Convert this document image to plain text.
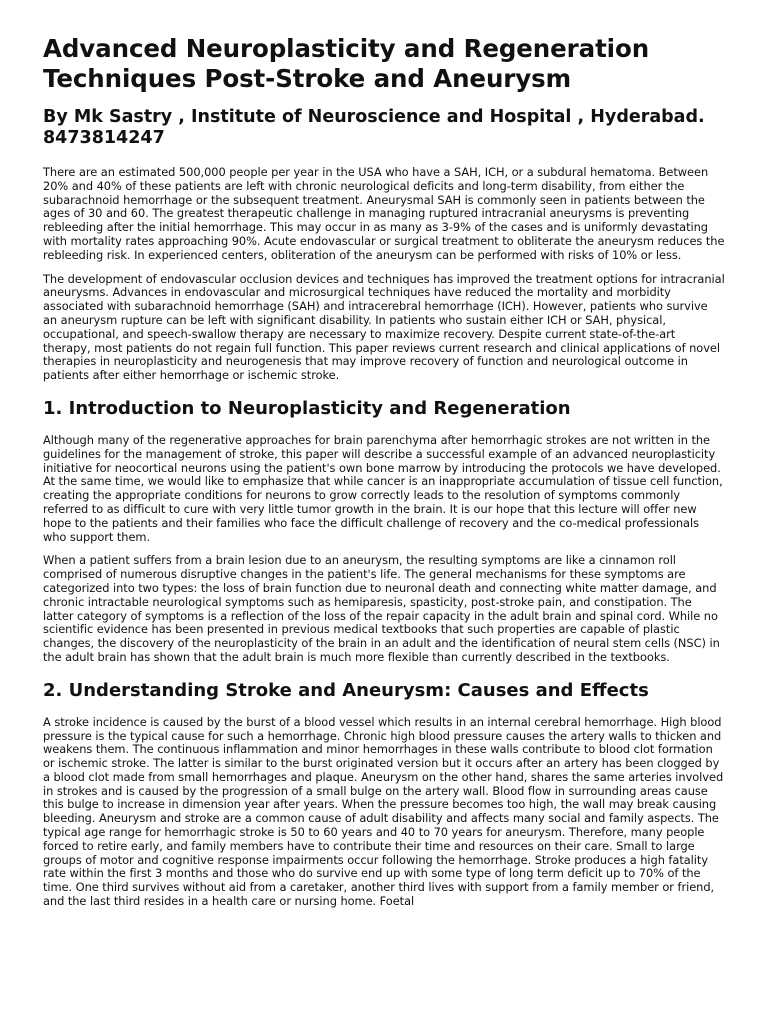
Advanced Neuroplasticity and Regeneration Techniques Post-Stroke and Aneurysm
By Mk Sastry , Institute of Neuroscience and Hospital , Hyderabad. 8473814247

There are an estimated 500,000 people per year in the USA who have a SAH, ICH, or a subdural hematoma. Between 20% and 40% of these patients are left with chronic neurological deficits and long-term disability, from either the subarachnoid hemorrhage or the subsequent treatment. Aneurysmal SAH is commonly seen in patients between the ages of 30 and 60. The greatest therapeutic challenge in managing ruptured intracranial aneurysms is preventing rebleeding after the initial hemorrhage. This may occur in as many as 3-9% of the cases and is uniformly devastating with mortality rates approaching 90%. Acute endovascular or surgical treatment to obliterate the aneurysm reduces the rebleeding risk. In experienced centers, obliteration of the aneurysm can be performed with risks of 10% or less.

The development of endovascular occlusion devices and techniques has improved the treatment options for intracranial aneurysms. Advances in endovascular and microsurgical techniques have reduced the mortality and morbidity associated with subarachnoid hemorrhage (SAH) and intracerebral hemorrhage (ICH). However, patients who survive an aneurysm rupture can be left with significant disability. In patients who sustain either ICH or SAH, physical, occupational, and speech-swallow therapy are necessary to maximize recovery. Despite current state-of-the-art therapy, most patients do not regain full function. This paper reviews current research and clinical applications of novel therapies in neuroplasticity and neurogenesis that may improve recovery of function and neurological outcome in patients after either hemorrhage or ischemic stroke.

1. Introduction to Neuroplasticity and Regeneration

Although many of the regenerative approaches for brain parenchyma after hemorrhagic strokes are not written in the guidelines for the management of stroke, this paper will describe a successful example of an advanced neuroplasticity initiative for neocortical neurons using the patient's own bone marrow by introducing the protocols we have developed. At the same time, we would like to emphasize that while cancer is an inappropriate accumulation of tissue cell function, creating the appropriate conditions for neurons to grow correctly leads to the resolution of symptoms commonly referred to as difficult to cure with very little tumor growth in the brain. It is our hope that this lecture will offer new hope to the patients and their families who face the difficult challenge of recovery and the co-medical professionals who support them.

When a patient suffers from a brain lesion due to an aneurysm, the resulting symptoms are like a cinnamon roll comprised of numerous disruptive changes in the patient's life. The general mechanisms for these symptoms are categorized into two types: the loss of brain function due to neuronal death and connecting white matter damage, and chronic intractable neurological symptoms such as hemiparesis, spasticity, post-stroke pain, and constipation. The latter category of symptoms is a reflection of the loss of the repair capacity in the adult brain and spinal cord. While no scientific evidence has been presented in previous medical textbooks that such properties are capable of plastic changes, the discovery of the neuroplasticity of the brain in an adult and the identification of neural stem cells (NSC) in the adult brain has shown that the adult brain is much more flexible than currently described in the textbooks.

2. Understanding Stroke and Aneurysm: Causes and Effects

A stroke incidence is caused by the burst of a blood vessel which results in an internal cerebral hemorrhage. High blood pressure is the typical cause for such a hemorrhage. Chronic high blood pressure causes the artery walls to thicken and weakens them. The continuous inflammation and minor hemorrhages in these walls contribute to blood clot formation or ischemic stroke. The latter is similar to the burst originated version but it occurs after an artery has been clogged by a blood clot made from small hemorrhages and plaque. Aneurysm on the other hand, shares the same arteries involved in strokes and is caused by the progression of a small bulge on the artery wall. Blood flow in surrounding areas cause this bulge to increase in dimension year after years. When the pressure becomes too high, the wall may break causing bleeding. Aneurysm and stroke are a common cause of adult disability and affects many social and family aspects. The typical age range for hemorrhagic stroke is 50 to 60 years and 40 to 70 years for aneurysm. Therefore, many people forced to retire early, and family members have to contribute their time and resources on their care. Small to large groups of motor and cognitive response impairments occur following the hemorrhage. Stroke produces a high fatality rate within the first 3 months and those who do survive end up with some type of long term deficit up to 70% of the time. One third survives without aid from a caretaker, another third lives with support from a family member or friend, and the last third resides in a health care or nursing home. Foetal
